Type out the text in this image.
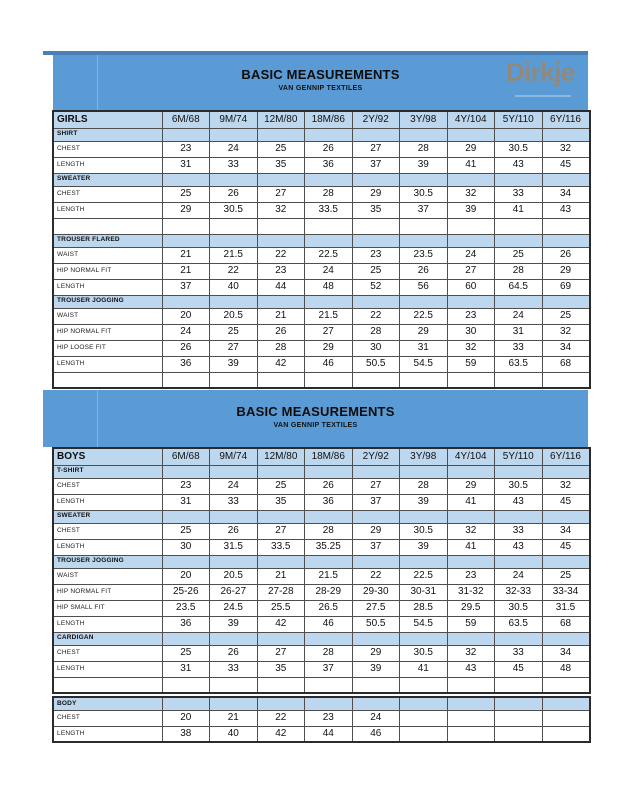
BASIC MEASUREMENTS
VAN GENNIP TEXTILES
Dirkje
GIRLS	6M/68	9M/74	12M/80	18M/86	2Y/92	3Y/98	4Y/104	5Y/110	6Y/116
SHIRT									
CHEST	23	24	25	26	27	28	29	30.5	32
LENGTH	31	33	35	36	37	39	41	43	45
SWEATER									
CHEST	25	26	27	28	29	30.5	32	33	34
LENGTH	29	30.5	32	33.5	35	37	39	41	43

TROUSER FLARED									
WAIST	21	21.5	22	22.5	23	23.5	24	25	26
HIP NORMAL FIT	21	22	23	24	25	26	27	28	29
LENGTH	37	40	44	48	52	56	60	64.5	69
TROUSER JOGGING									
WAIST	20	20.5	21	21.5	22	22.5	23	24	25
HIP NORMAL FIT	24	25	26	27	28	29	30	31	32
HIP LOOSE FIT	26	27	28	29	30	31	32	33	34
LENGTH	36	39	42	46	50.5	54.5	59	63.5	68

BASIC MEASUREMENTS
VAN GENNIP TEXTILES
BOYS	6M/68	9M/74	12M/80	18M/86	2Y/92	3Y/98	4Y/104	5Y/110	6Y/116
T-SHIRT									
CHEST	23	24	25	26	27	28	29	30.5	32
LENGTH	31	33	35	36	37	39	41	43	45
SWEATER									
CHEST	25	26	27	28	29	30.5	32	33	34
LENGTH	30	31.5	33.5	35.25	37	39	41	43	45
TROUSER JOGGING									
WAIST	20	20.5	21	21.5	22	22.5	23	24	25
HIP NORMAL FIT	25-26	26-27	27-28	28-29	29-30	30-31	31-32	32-33	33-34
HIP SMALL FIT	23.5	24.5	25.5	26.5	27.5	28.5	29.5	30.5	31.5
LENGTH	36	39	42	46	50.5	54.5	59	63.5	68
CARDIGAN									
CHEST	25	26	27	28	29	30.5	32	33	34
LENGTH	31	33	35	37	39	41	43	45	48

BODY									
CHEST	20	21	22	23	24				
LENGTH	38	40	42	44	46				
